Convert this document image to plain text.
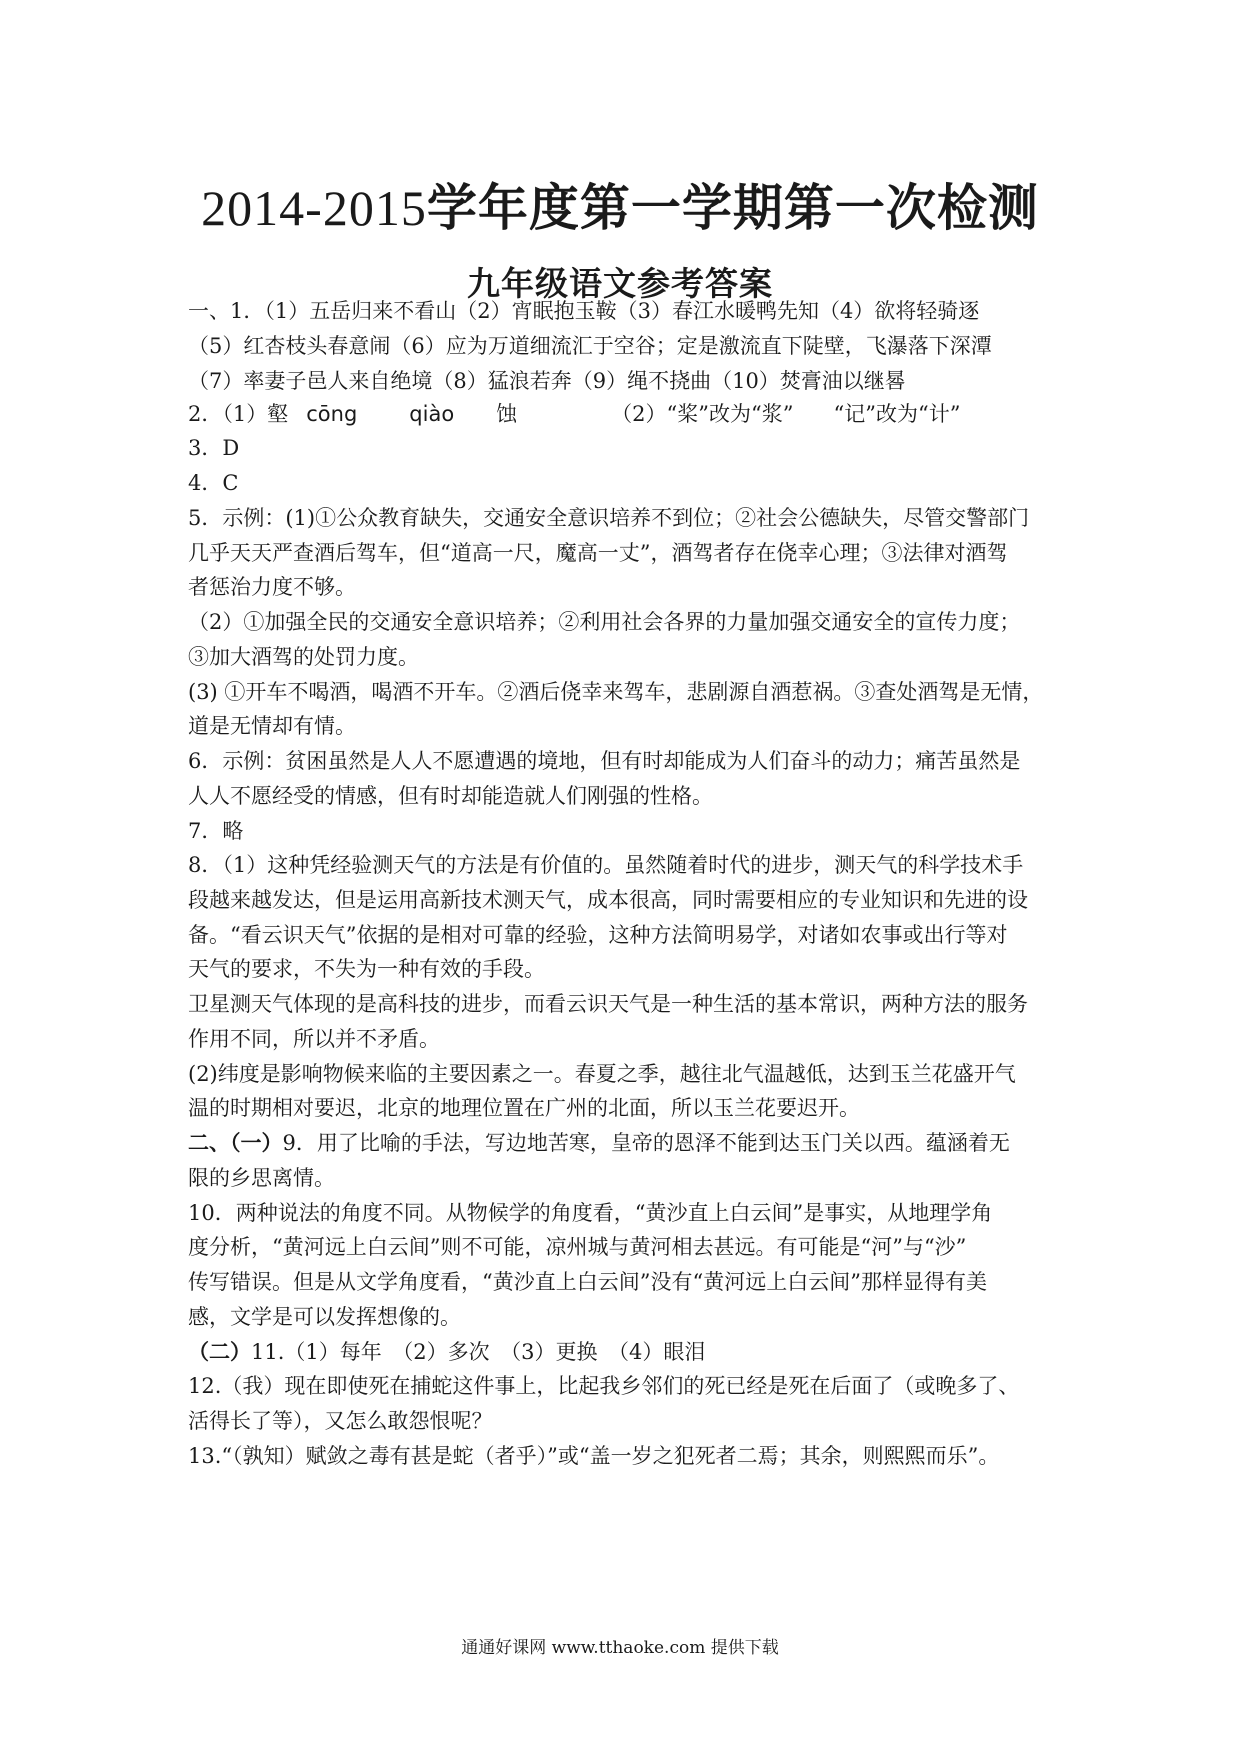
2014-2015学年度第一学期第一次检测
九年级语文参考答案
一、1．（1）五岳归来不看山（2）宵眠抱玉鞍（3）春江水暖鸭先知（4）欲将轻骑逐
（5）红杏枝头春意闹（6）应为万道细流汇于空谷；定是激流直下陡壁，飞瀑落下深潭
（7）率妻子邑人来自绝境（8）猛浪若奔（9）绳不挠曲（10）焚膏油以继晷
2．（1）壑 cōng qiào 蚀	（2）“桨”改为“浆” “记”改为“计”
3．D
4．C
5．示例：(1)①公众教育缺失，交通安全意识培养不到位；②社会公德缺失，尽管交警部门
几乎天天严查酒后驾车，但“道高一尺，魔高一丈”，酒驾者存在侥幸心理；③法律对酒驾
者惩治力度不够。
（2）①加强全民的交通安全意识培养；②利用社会各界的力量加强交通安全的宣传力度；
③加大酒驾的处罚力度。
(3) ①开车不喝酒，喝酒不开车。②酒后侥幸来驾车，悲剧源自酒惹祸。③查处酒驾是无情，
道是无情却有情。
6．示例：贫困虽然是人人不愿遭遇的境地，但有时却能成为人们奋斗的动力；痛苦虽然是
人人不愿经受的情感，但有时却能造就人们刚强的性格。
7．略
8．（1）这种凭经验测天气的方法是有价值的。虽然随着时代的进步，测天气的科学技术手
段越来越发达，但是运用高新技术测天气，成本很高，同时需要相应的专业知识和先进的设
备。“看云识天气”依据的是相对可靠的经验，这种方法简明易学，对诸如农事或出行等对
天气的要求，不失为一种有效的手段。
卫星测天气体现的是高科技的进步，而看云识天气是一种生活的基本常识，两种方法的服务
作用不同，所以并不矛盾。
(2)纬度是影响物候来临的主要因素之一。春夏之季，越往北气温越低，达到玉兰花盛开气
温的时期相对要迟，北京的地理位置在广州的北面，所以玉兰花要迟开。
二、（一）9．用了比喻的手法，写边地苦寒，皇帝的恩泽不能到达玉门关以西。蕴涵着无
限的乡思离情。
10．两种说法的角度不同。从物候学的角度看，“黄沙直上白云间”是事实，从地理学角
度分析，“黄河远上白云间”则不可能，凉州城与黄河相去甚远。有可能是“河”与“沙”
传写错误。但是从文学角度看，“黄沙直上白云间”没有“黄河远上白云间”那样显得有美
感，文学是可以发挥想像的。
（二）11.（1）每年　（2）多次　（3）更换　（4）眼泪
12.（我）现在即使死在捕蛇这件事上，比起我乡邻们的死已经是死在后面了（或晚多了、
活得长了等），又怎么敢怨恨呢？
13.“（孰知）赋敛之毒有甚是蛇（者乎）”或“盖一岁之犯死者二焉；其余，则熙熙而乐”。
通通好课网 www.tthaoke.com 提供下载
